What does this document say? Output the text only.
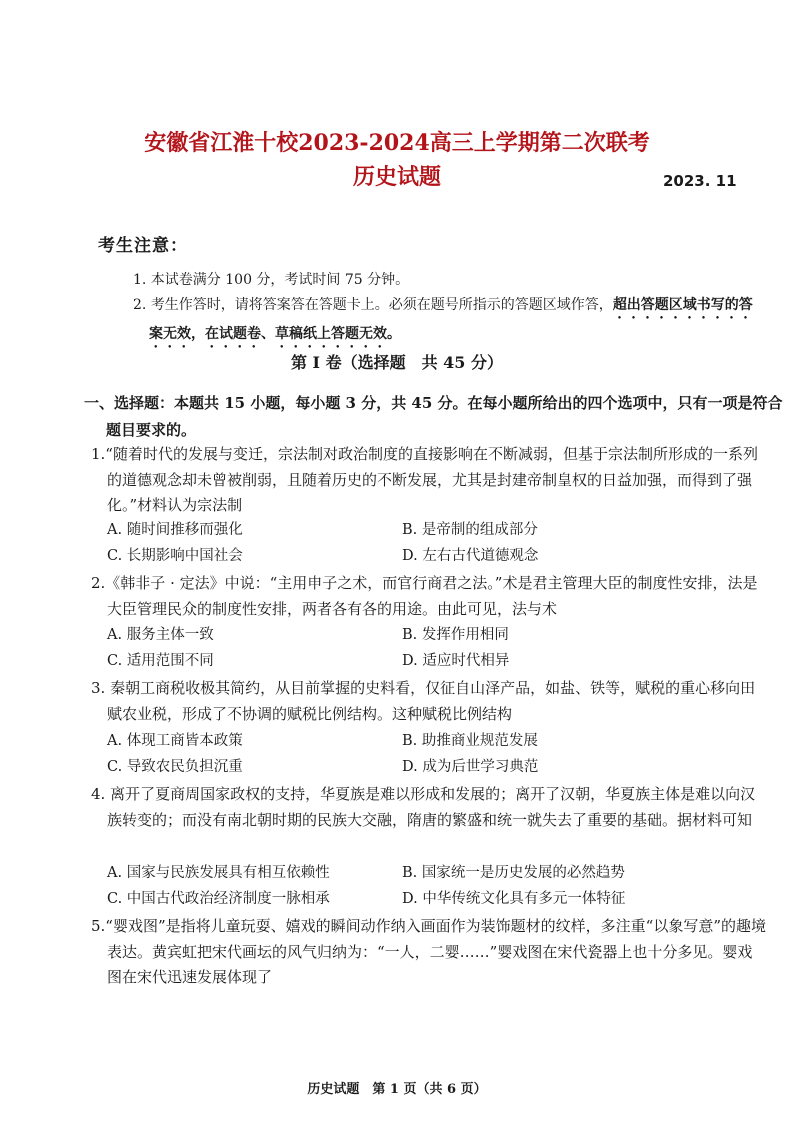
安徽省江淮十校2023-2024高三上学期第二次联考
历史试题	2023. 11
考生注意：
1. 本试卷满分 100 分，考试时间 75 分钟。
2. 考生作答时，请将答案答在答题卡上。必须在题号所指示的答题区域作答，超出答题区域书写的答案无效，在试题卷、草稿纸上答题无效。
第 I 卷（选择题　共 45 分）
一、选择题：本题共 15 小题，每小题 3 分，共 45 分。在每小题所给出的四个选项中，只有一项是符合题目要求的。
1.“随着时代的发展与变迁，宗法制对政治制度的直接影响在不断减弱，但基于宗法制所形成的一系列的道德观念却未曾被削弱，且随着历史的不断发展，尤其是封建帝制皇权的日益加强，而得到了强化。”材料认为宗法制
A. 随时间推移而强化	B. 是帝制的组成部分
C. 长期影响中国社会	D. 左右古代道德观念
2.《韩非子 · 定法》中说：“主用申子之术，而官行商君之法。”术是君主管理大臣的制度性安排，法是大臣管理民众的制度性安排，两者各有各的用途。由此可见，法与术
A. 服务主体一致	B. 发挥作用相同
C. 适用范围不同	D. 适应时代相异
3. 秦朝工商税收极其简约，从目前掌握的史料看，仅征自山泽产品，如盐、铁等，赋税的重心移向田赋农业税，形成了不协调的赋税比例结构。这种赋税比例结构
A. 体现工商皆本政策	B. 助推商业规范发展
C. 导致农民负担沉重	D. 成为后世学习典范
4. 离开了夏商周国家政权的支持，华夏族是难以形成和发展的；离开了汉朝，华夏族主体是难以向汉族转变的；而没有南北朝时期的民族大交融，隋唐的繁盛和统一就失去了重要的基础。据材料可知
A. 国家与民族发展具有相互依赖性	B. 国家统一是历史发展的必然趋势
C. 中国古代政治经济制度一脉相承	D. 中华传统文化具有多元一体特征
5.“婴戏图”是指将儿童玩耍、嬉戏的瞬间动作纳入画面作为装饰题材的纹样，多注重“以象写意”的趣境表达。黄宾虹把宋代画坛的风气归纳为：“一人，二婴……”婴戏图在宋代瓷器上也十分多见。婴戏图在宋代迅速发展体现了
历史试题　第 1 页（共 6 页）
